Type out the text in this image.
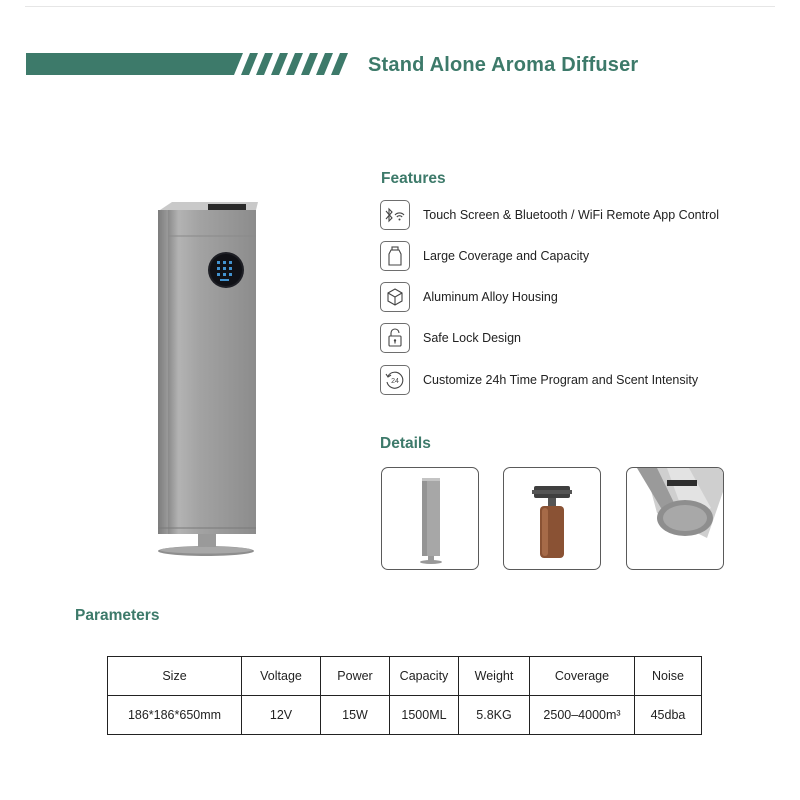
Stand Alone Aroma Diffuser
Features
Touch Screen & Bluetooth / WiFi Remote App Control
Large Coverage and Capacity
Aluminum Alloy Housing
Safe Lock Design
24 Customize 24h Time Program and Scent Intensity
Details
Parameters
Size	Voltage	Power	Capacity	Weight	Coverage	Noise
186*186*650mm	12V	15W	1500ML	5.8KG	2500–4000m³	45dba
